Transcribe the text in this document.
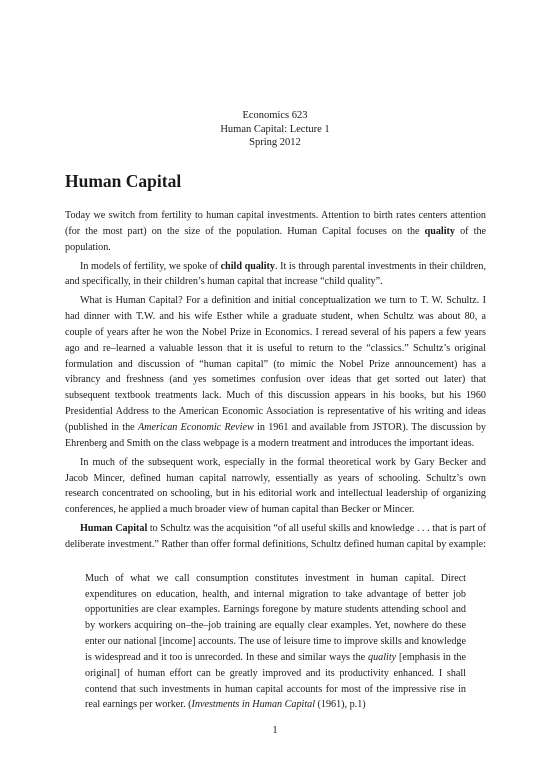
Economics 623
Human Capital: Lecture 1
Spring 2012
Human Capital

Today we switch from fertility to human capital investments. Attention to birth rates centers attention (for the most part) on the size of the population. Human Capital focuses on the quality of the population.

In models of fertility, we spoke of child quality. It is through parental investments in their children, and specifically, in their children’s human capital that increase “child quality”.

What is Human Capital? For a definition and initial conceptualization we turn to T. W. Schultz. I had dinner with T.W. and his wife Esther while a graduate student, when Schultz was about 80, a couple of years after he won the Nobel Prize in Economics. I reread several of his papers a few years ago and re–learned a valuable lesson that it is useful to return to the “classics.” Schultz’s original formulation and discussion of “human capital” (to mimic the Nobel Prize announcement) has a vibrancy and freshness (and yes sometimes confusion over ideas that get sorted out later) that subsequent textbook treatments lack. Much of this discussion appears in his books, but his 1960 Presidential Address to the American Economic Association is representative of his writing and ideas (published in the American Economic Review in 1961 and available from JSTOR). The discussion by Ehrenberg and Smith on the class webpage is a modern treatment and introduces the important ideas.

In much of the subsequent work, especially in the formal theoretical work by Gary Becker and Jacob Mincer, defined human capital narrowly, essentially as years of schooling. Schultz’s own research concentrated on schooling, but in his editorial work and intellectual leadership of organizing conferences, he applied a much broader view of human capital than Becker or Mincer.

Human Capital to Schultz was the acquisition “of all useful skills and knowledge . . . that is part of deliberate investment.” Rather than offer formal definitions, Schultz defined human capital by example:

Much of what we call consumption constitutes investment in human capital. Direct expenditures on education, health, and internal migration to take advantage of better job opportunities are clear examples. Earnings foregone by mature students attending school and by workers acquiring on–the–job training are equally clear examples. Yet, nowhere do these enter our national [income] accounts. The use of leisure time to improve skills and knowledge is widespread and it too is unrecorded. In these and similar ways the quality [emphasis in the original] of human effort can be greatly improved and its productivity enhanced. I shall contend that such investments in human capital accounts for most of the impressive rise in real earnings per worker. (Investments in Human Capital (1961), p.1)
1
